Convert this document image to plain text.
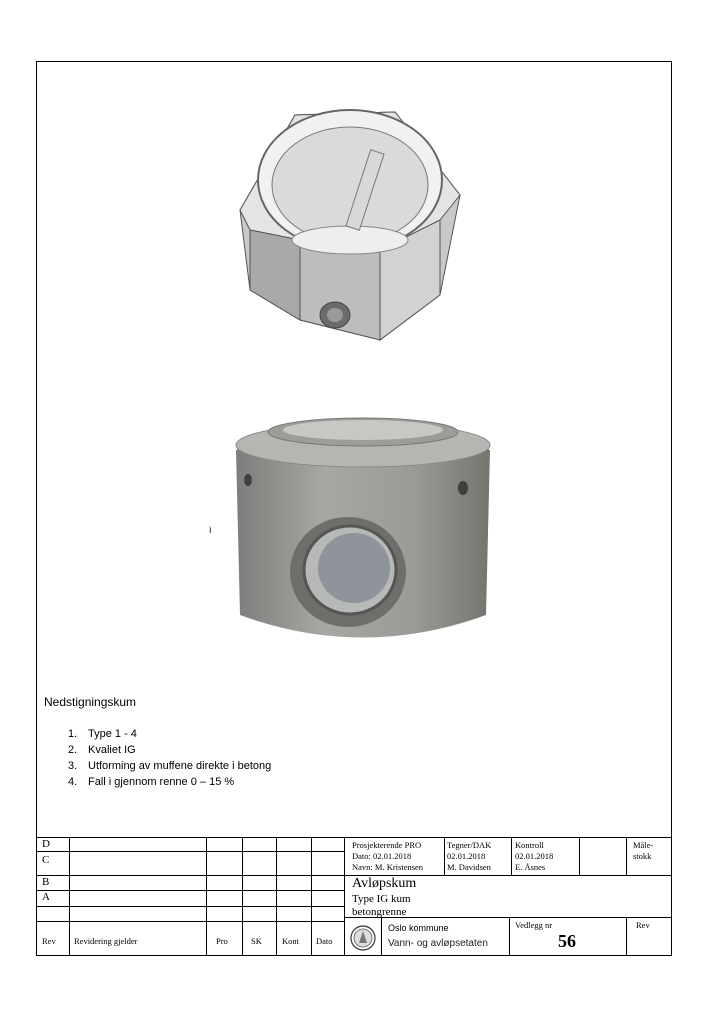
ì
Nedstigningskum
1. Type 1 - 4
2. Kvaliet IG
3. Utforming av muffene direkte i betong
4. Fall i gjennom renne 0 – 15 %
D
C
B
A
Rev Revidering gjelder	Pro	SK Kont Dato
Prosjekterende PRO
Dato: 02.01.2018
Navn: M. Kristensen
Tegner/DAK
02.01.2018
M. Davidsen
Kontroll
02.01.2018
E. Åsnes
Måle-stokk
Avløpskum
Type IG kum
betongrenne
Oslo kommune
Vann- og avløpsetaten
Vedlegg nr
56
Rev
